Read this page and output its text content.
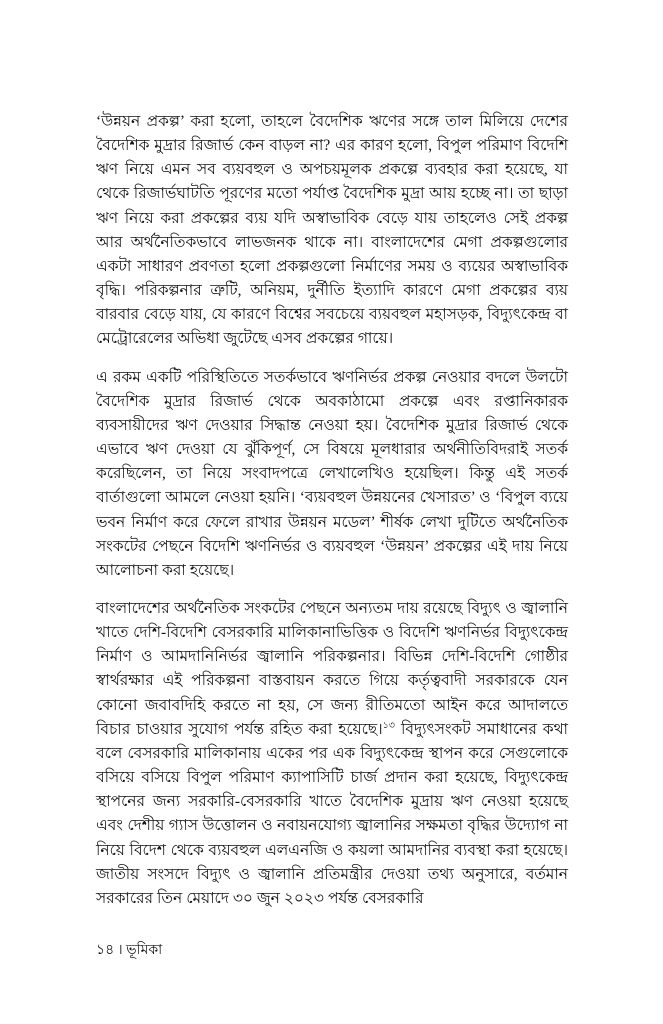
‘উন্নয়ন প্রকল্প’ করা হলো, তাহলে বৈদেশিক ঋণের সঙ্গে তাল মিলিয়ে দেশের বৈদেশিক মুদ্রার রিজার্ভ কেন বাড়ল না? এর কারণ হলো, বিপুল পরিমাণ বিদেশি ঋণ নিয়ে এমন সব ব্যয়বহুল ও অপচয়মূলক প্রকল্পে ব্যবহার করা হয়েছে, যা থেকে রিজার্ভঘাটতি পূরণের মতো পর্যাপ্ত বৈদেশিক মুদ্রা আয় হচ্ছে না। তা ছাড়া ঋণ নিয়ে করা প্রকল্পের ব্যয় যদি অস্বাভাবিক বেড়ে যায় তাহলেও সেই প্রকল্প আর অর্থনৈতিকভাবে লাভজনক থাকে না। বাংলাদেশের মেগা প্রকল্পগুলোর একটা সাধারণ প্রবণতা হলো প্রকল্পগুলো নির্মাণের সময় ও ব্যয়ের অস্বাভাবিক বৃদ্ধি। পরিকল্পনার ত্রুটি, অনিয়ম, দুর্নীতি ইত্যাদি কারণে মেগা প্রকল্পের ব্যয় বারবার বেড়ে যায়, যে কারণে বিশ্বের সবচেয়ে ব্যয়বহুল মহাসড়ক, বিদ্যুৎকেন্দ্র বা মেট্রোরেলের অভিধা জুটেছে এসব প্রকল্পের গায়ে।

এ রকম একটি পরিস্থিতিতে সতর্কভাবে ঋণনির্ভর প্রকল্প নেওয়ার বদলে উলটো বৈদেশিক মুদ্রার রিজার্ভ থেকে অবকাঠামো প্রকল্পে এবং রপ্তানিকারক ব্যবসায়ীদের ঋণ দেওয়ার সিদ্ধান্ত নেওয়া হয়। বৈদেশিক মুদ্রার রিজার্ভ থেকে এভাবে ঋণ দেওয়া যে ঝুঁকিপূর্ণ, সে বিষয়ে মূলধারার অর্থনীতিবিদরাই সতর্ক করেছিলেন, তা নিয়ে সংবাদপত্রে লেখালেখিও হয়েছিল। কিন্তু এই সতর্ক বার্তাগুলো আমলে নেওয়া হয়নি। ‘ব্যয়বহুল উন্নয়নের খেসারত’ ও ‘বিপুল ব্যয়ে ভবন নির্মাণ করে ফেলে রাখার উন্নয়ন মডেল’ শীর্ষক লেখা দুটিতে অর্থনৈতিক সংকটের পেছনে বিদেশি ঋণনির্ভর ও ব্যয়বহুল ‘উন্নয়ন’ প্রকল্পের এই দায় নিয়ে আলোচনা করা হয়েছে।

বাংলাদেশের অর্থনৈতিক সংকটের পেছনে অন্যতম দায় রয়েছে বিদ্যুৎ ও জ্বালানি খাতে দেশি-বিদেশি বেসরকারি মালিকানাভিত্তিক ও বিদেশি ঋণনির্ভর বিদ্যুৎকেন্দ্র নির্মাণ ও আমদানিনির্ভর জ্বালানি পরিকল্পনার। বিভিন্ন দেশি-বিদেশি গোষ্ঠীর স্বার্থরক্ষার এই পরিকল্পনা বাস্তবায়ন করতে গিয়ে কর্তৃত্ববাদী সরকারকে যেন কোনো জবাবদিহি করতে না হয়, সে জন্য রীতিমতো আইন করে আদালতে বিচার চাওয়ার সুযোগ পর্যন্ত রহিত করা হয়েছে।$^{১৩}$ বিদ্যুৎসংকট সমাধানের কথা বলে বেসরকারি মালিকানায় একের পর এক বিদ্যুৎকেন্দ্র স্থাপন করে সেগুলোকে বসিয়ে বসিয়ে বিপুল পরিমাণ ক্যাপাসিটি চার্জ প্রদান করা হয়েছে, বিদ্যুৎকেন্দ্র স্থাপনের জন্য সরকারি-বেসরকারি খাতে বৈদেশিক মুদ্রায় ঋণ নেওয়া হয়েছে এবং দেশীয় গ্যাস উত্তোলন ও নবায়নযোগ্য জ্বালানির সক্ষমতা বৃদ্ধির উদ্যোগ না নিয়ে বিদেশ থেকে ব্যয়বহুল এলএনজি ও কয়লা আমদানির ব্যবস্থা করা হয়েছে। জাতীয় সংসদে বিদ্যুৎ ও জ্বালানি প্রতিমন্ত্রীর দেওয়া তথ্য অনুসারে, বর্তমান সরকারের তিন মেয়াদে ৩০ জুন ২০২৩ পর্যন্ত বেসরকারি

১৪ । ভূমিকা
